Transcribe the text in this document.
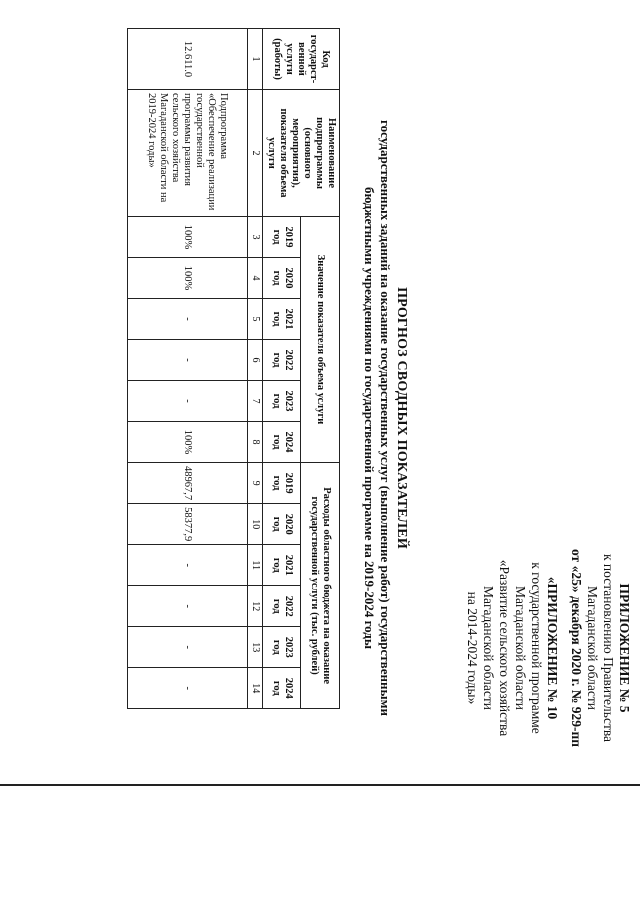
ПРИЛОЖЕНИЕ № 5
к постановлению Правительства
Магаданской области
от «25» декабря 2020 г. № 929-пп
«ПРИЛОЖЕНИЕ № 10
к государственной программе
Магаданской области
«Развитие сельского хозяйства
Магаданской области
на 2014-2024 годы»
ПРОГНОЗ СВОДНЫХ ПОКАЗАТЕЛЕЙ
государственных заданий на оказание государственных услуг (выполнение работ) государственными
бюджетными учреждениями по государственной программе на 2019-2024 годы
Код государст-венной услуги (работы)	Наименование подпрограммы (основного мероприятия), показателя объема услуги	Значение показателя объема услуги						Расходы областного бюджета на оказание государственной услуги (тыс. рублей)					
		2019 год	2020 год	2021 год	2022 год	2023 год	2024 год	2019 год	2020 год	2021 год	2022 год	2023 год	2024 год
1	2	3	4	5	6	7	8	9	10	11	12	13	14
12.611.0	Подпрограмма «Обеспечение реализации государственной программы развития сельского хозяйства Магаданской области на 2019-2024 годы»	100%	100%	-	-	-	100%	48967,7	58377,9	-	-	-	-
